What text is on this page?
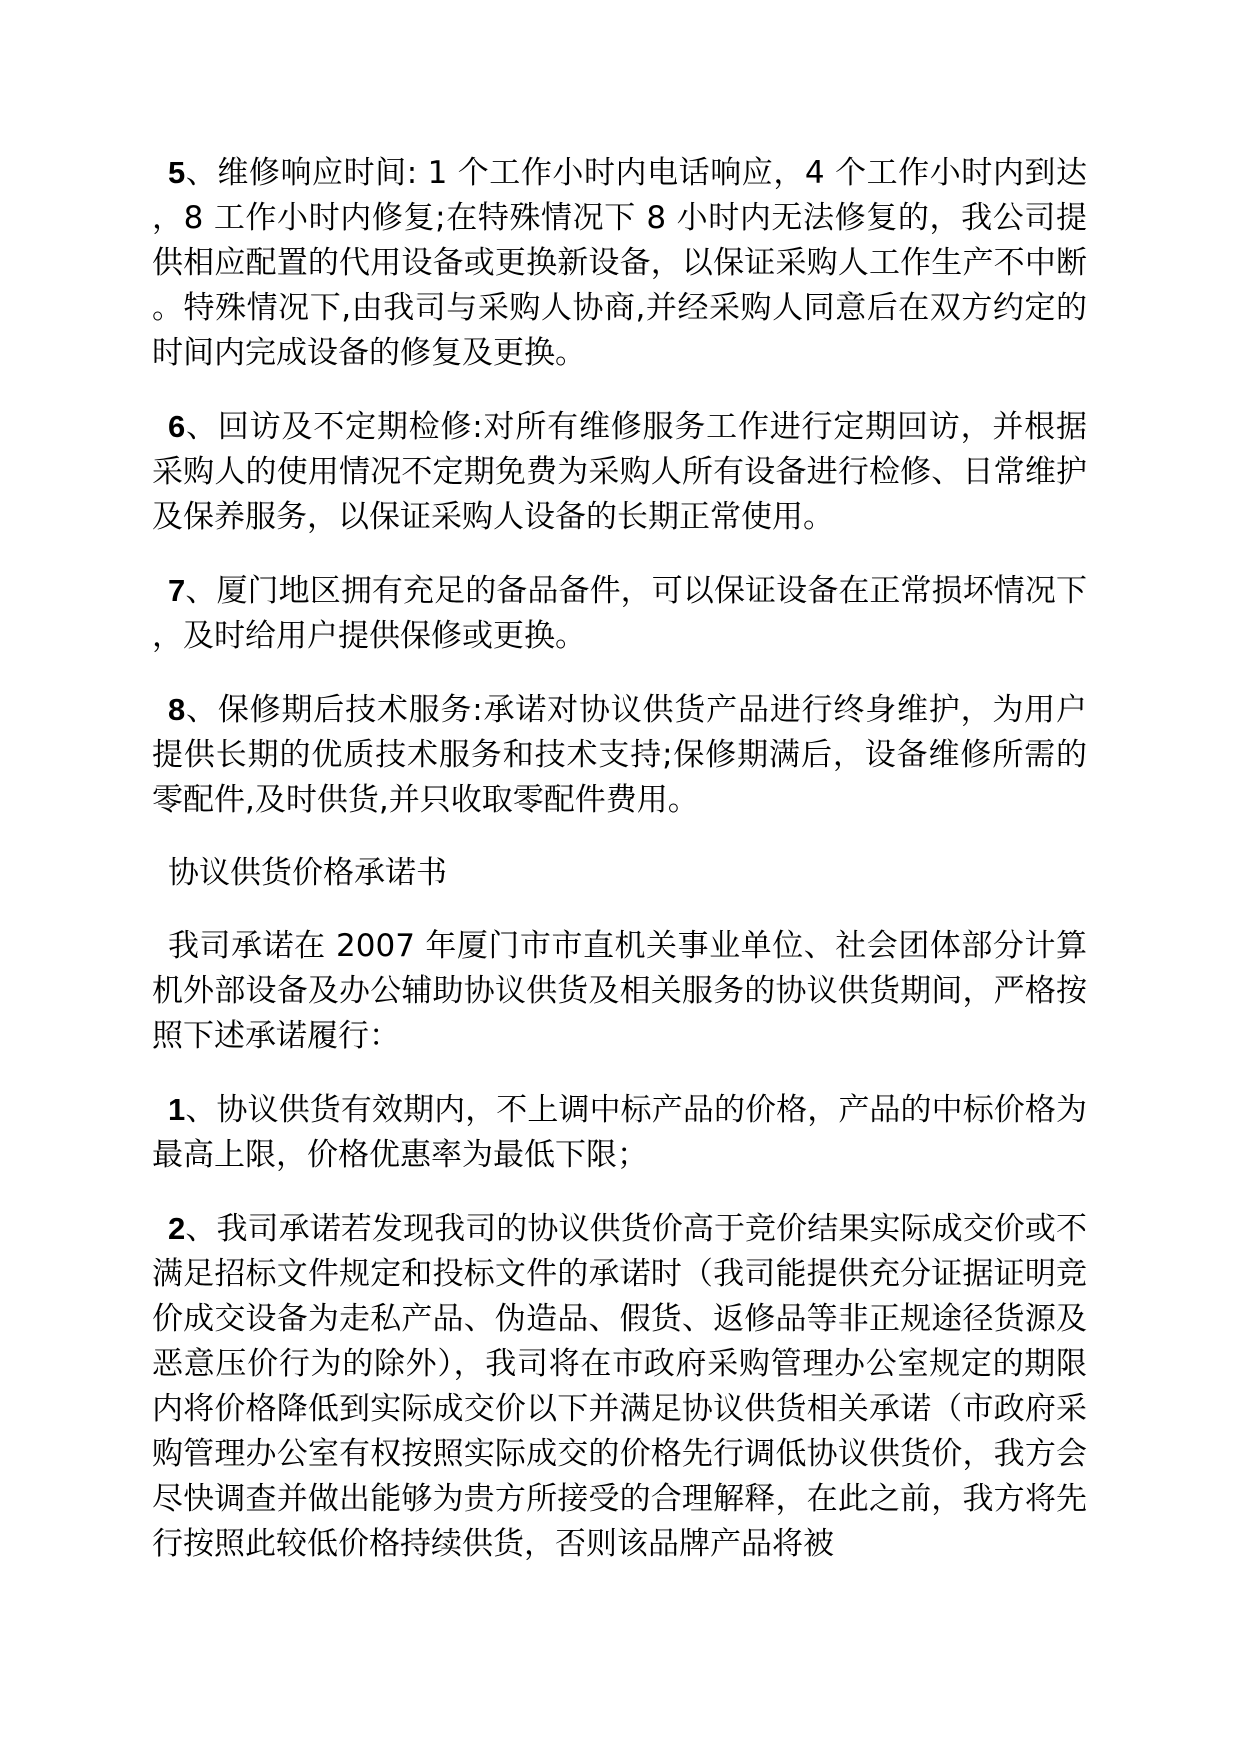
5、维修响应时间: 1 个工作小时内电话响应，4 个工作小时内到达，8 工作小时内修复;在特殊情况下 8 小时内无法修复的，我公司提供相应配置的代用设备或更换新设备，以保证采购人工作生产不中断。特殊情况下,由我司与采购人协商,并经采购人同意后在双方约定的时间内完成设备的修复及更换。

6、回访及不定期检修:对所有维修服务工作进行定期回访，并根据采购人的使用情况不定期免费为采购人所有设备进行检修、日常维护及保养服务，以保证采购人设备的长期正常使用。

7、厦门地区拥有充足的备品备件，可以保证设备在正常损坏情况下，及时给用户提供保修或更换。

8、保修期后技术服务:承诺对协议供货产品进行终身维护，为用户提供长期的优质技术服务和技术支持;保修期满后，设备维修所需的零配件,及时供货,并只收取零配件费用。

协议供货价格承诺书

我司承诺在 2007 年厦门市市直机关事业单位、社会团体部分计算机外部设备及办公辅助协议供货及相关服务的协议供货期间，严格按照下述承诺履行：

1、协议供货有效期内，不上调中标产品的价格，产品的中标价格为最高上限，价格优惠率为最低下限；

2、我司承诺若发现我司的协议供货价高于竞价结果实际成交价或不满足招标文件规定和投标文件的承诺时（我司能提供充分证据证明竞价成交设备为走私产品、伪造品、假货、返修品等非正规途径货源及恶意压价行为的除外），我司将在市政府采购管理办公室规定的期限内将价格降低到实际成交价以下并满足协议供货相关承诺（市政府采购管理办公室有权按照实际成交的价格先行调低协议供货价，我方会尽快调查并做出能够为贵方所接受的合理解释，在此之前，我方将先行按照此较低价格持续供货，否则该品牌产品将被
